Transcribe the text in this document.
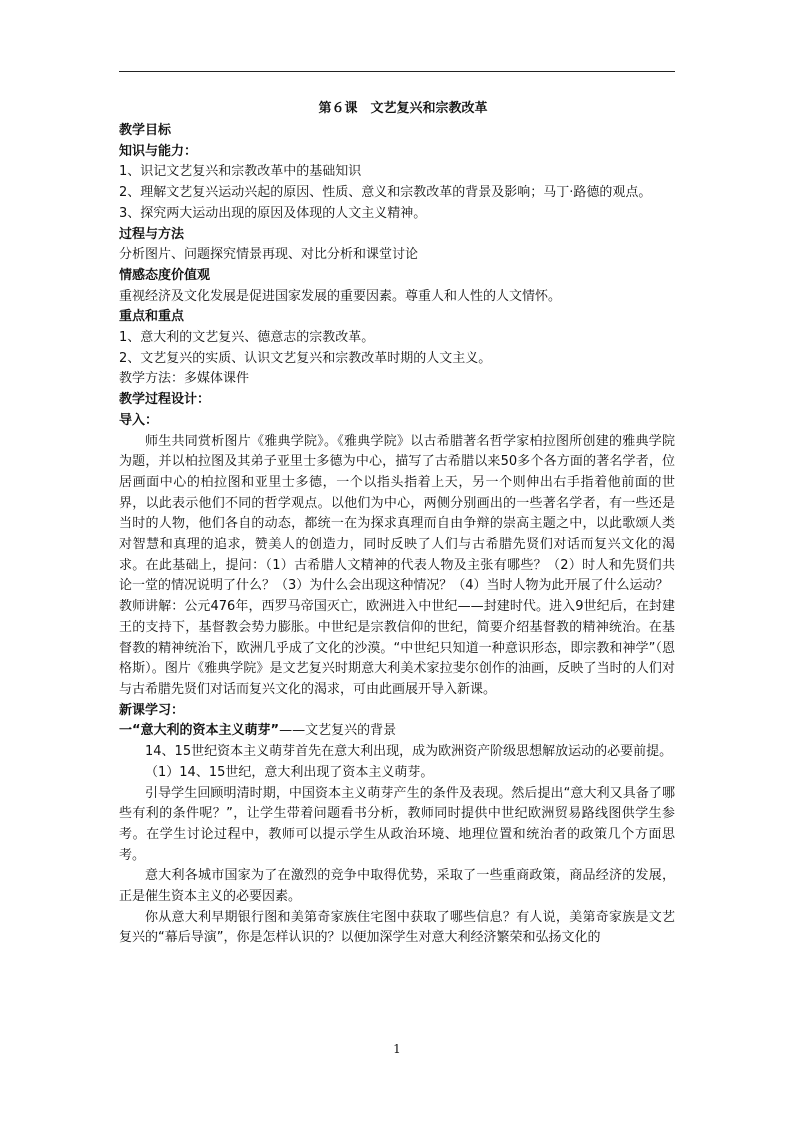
第６课　文艺复兴和宗教改革

教学目标

知识与能力：

1、识记文艺复兴和宗教改革中的基础知识

2、理解文艺复兴运动兴起的原因、性质、意义和宗教改革的背景及影响；马丁·路德的观点。

3、探究两大运动出现的原因及体现的人文主义精神。

过程与方法

分析图片、问题探究情景再现、对比分析和课堂讨论

情感态度价值观

重视经济及文化发展是促进国家发展的重要因素。尊重人和人性的人文情怀。

重点和重点

1、意大利的文艺复兴、德意志的宗教改革。

2、文艺复兴的实质、认识文艺复兴和宗教改革时期的人文主义。

教学方法：多媒体课件

教学过程设计：

导入：

师生共同赏析图片《雅典学院》。《雅典学院》以古希腊著名哲学家柏拉图所创建的雅典学院为题，并以柏拉图及其弟子亚里士多德为中心，描写了古希腊以来50多个各方面的著名学者，位居画面中心的柏拉图和亚里士多德，一个以指头指着上天，另一个则伸出右手指着他前面的世界，以此表示他们不同的哲学观点。以他们为中心，两侧分别画出的一些著名学者，有一些还是当时的人物，他们各自的动态，都统一在为探求真理而自由争辩的崇高主题之中，以此歌颂人类对智慧和真理的追求，赞美人的创造力，同时反映了人们与古希腊先贤们对话而复兴文化的渴求。在此基础上，提问：（1）古希腊人文精神的代表人物及主张有哪些？（2）时人和先贤们共论一堂的情况说明了什么？（3）为什么会出现这种情况？（4）当时人物为此开展了什么运动？

教师讲解：公元476年，西罗马帝国灭亡，欧洲进入中世纪——封建时代。进入9世纪后，在封建王的支持下，基督教会势力膨胀。中世纪是宗教信仰的世纪，简要介绍基督教的精神统治。在基督教的精神统治下，欧洲几乎成了文化的沙漠。“中世纪只知道一种意识形态，即宗教和神学”（恩格斯）。图片《雅典学院》是文艺复兴时期意大利美术家拉斐尔创作的油画，反映了当时的人们对与古希腊先贤们对话而复兴文化的渴求，可由此画展开导入新课。

新课学习：

一“意大利的资本主义萌芽”——文艺复兴的背景

14、15世纪资本主义萌芽首先在意大利出现，成为欧洲资产阶级思想解放运动的必要前提。

（1）14、15世纪，意大利出现了资本主义萌芽。

引导学生回顾明清时期，中国资本主义萌芽产生的条件及表现。然后提出“意大利又具备了哪些有利的条件呢？”，让学生带着问题看书分析，教师同时提供中世纪欧洲贸易路线图供学生参考。在学生讨论过程中，教师可以提示学生从政治环境、地理位置和统治者的政策几个方面思考。

意大利各城市国家为了在激烈的竞争中取得优势，采取了一些重商政策，商品经济的发展，正是催生资本主义的必要因素。

你从意大利早期银行图和美第奇家族住宅图中获取了哪些信息？有人说，美第奇家族是文艺复兴的“幕后导演”，你是怎样认识的？以便加深学生对意大利经济繁荣和弘扬文化的

1
